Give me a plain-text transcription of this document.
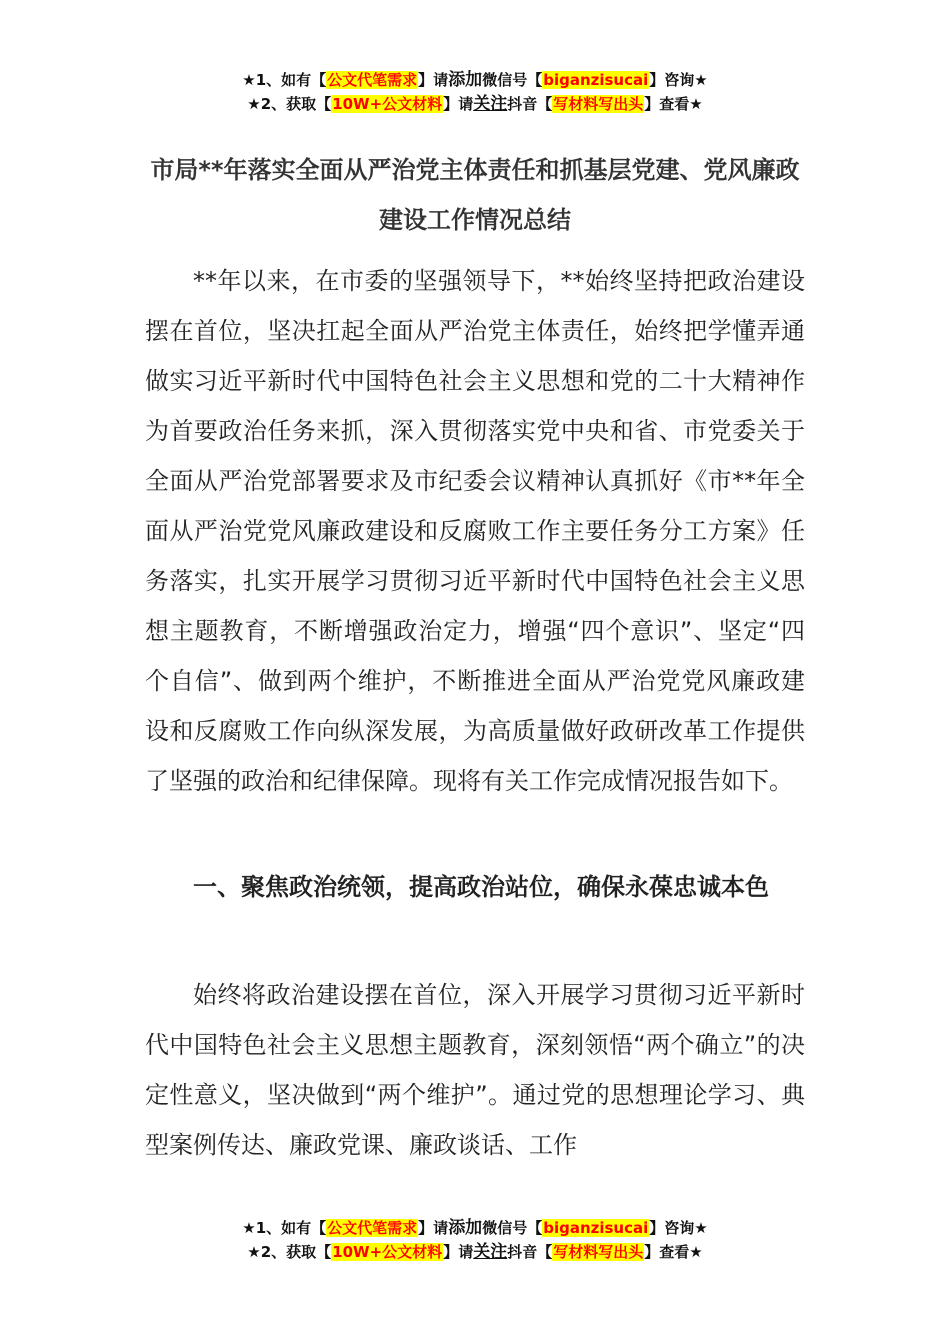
★1、如有【公文代笔需求】请添加微信号【biganzisucai】咨询★
★2、获取【10W+公文材料】请关注抖音【写材料写出头】查看★
市局**年落实全面从严治党主体责任和抓基层党建、党风廉政建设工作情况总结

**年以来，在市委的坚强领导下，**始终坚持把政治建设摆在首位，坚决扛起全面从严治党主体责任，始终把学懂弄通做实习近平新时代中国特色社会主义思想和党的二十大精神作为首要政治任务来抓，深入贯彻落实党中央和省、市党委关于全面从严治党部署要求及市纪委会议精神认真抓好《市**年全面从严治党党风廉政建设和反腐败工作主要任务分工方案》任务落实，扎实开展学习贯彻习近平新时代中国特色社会主义思想主题教育，不断增强政治定力，增强“四个意识”、坚定“四个自信”、做到两个维护，不断推进全面从严治党党风廉政建设和反腐败工作向纵深发展，为高质量做好政研改革工作提供了坚强的政治和纪律保障。现将有关工作完成情况报告如下。

一、聚焦政治统领，提高政治站位，确保永葆忠诚本色

始终将政治建设摆在首位，深入开展学习贯彻习近平新时代中国特色社会主义思想主题教育，深刻领悟“两个确立”的决定性意义，坚决做到“两个维护”。通过党的思想理论学习、典型案例传达、廉政党课、廉政谈话、工作

★1、如有【公文代笔需求】请添加微信号【biganzisucai】咨询★
★2、获取【10W+公文材料】请关注抖音【写材料写出头】查看★
